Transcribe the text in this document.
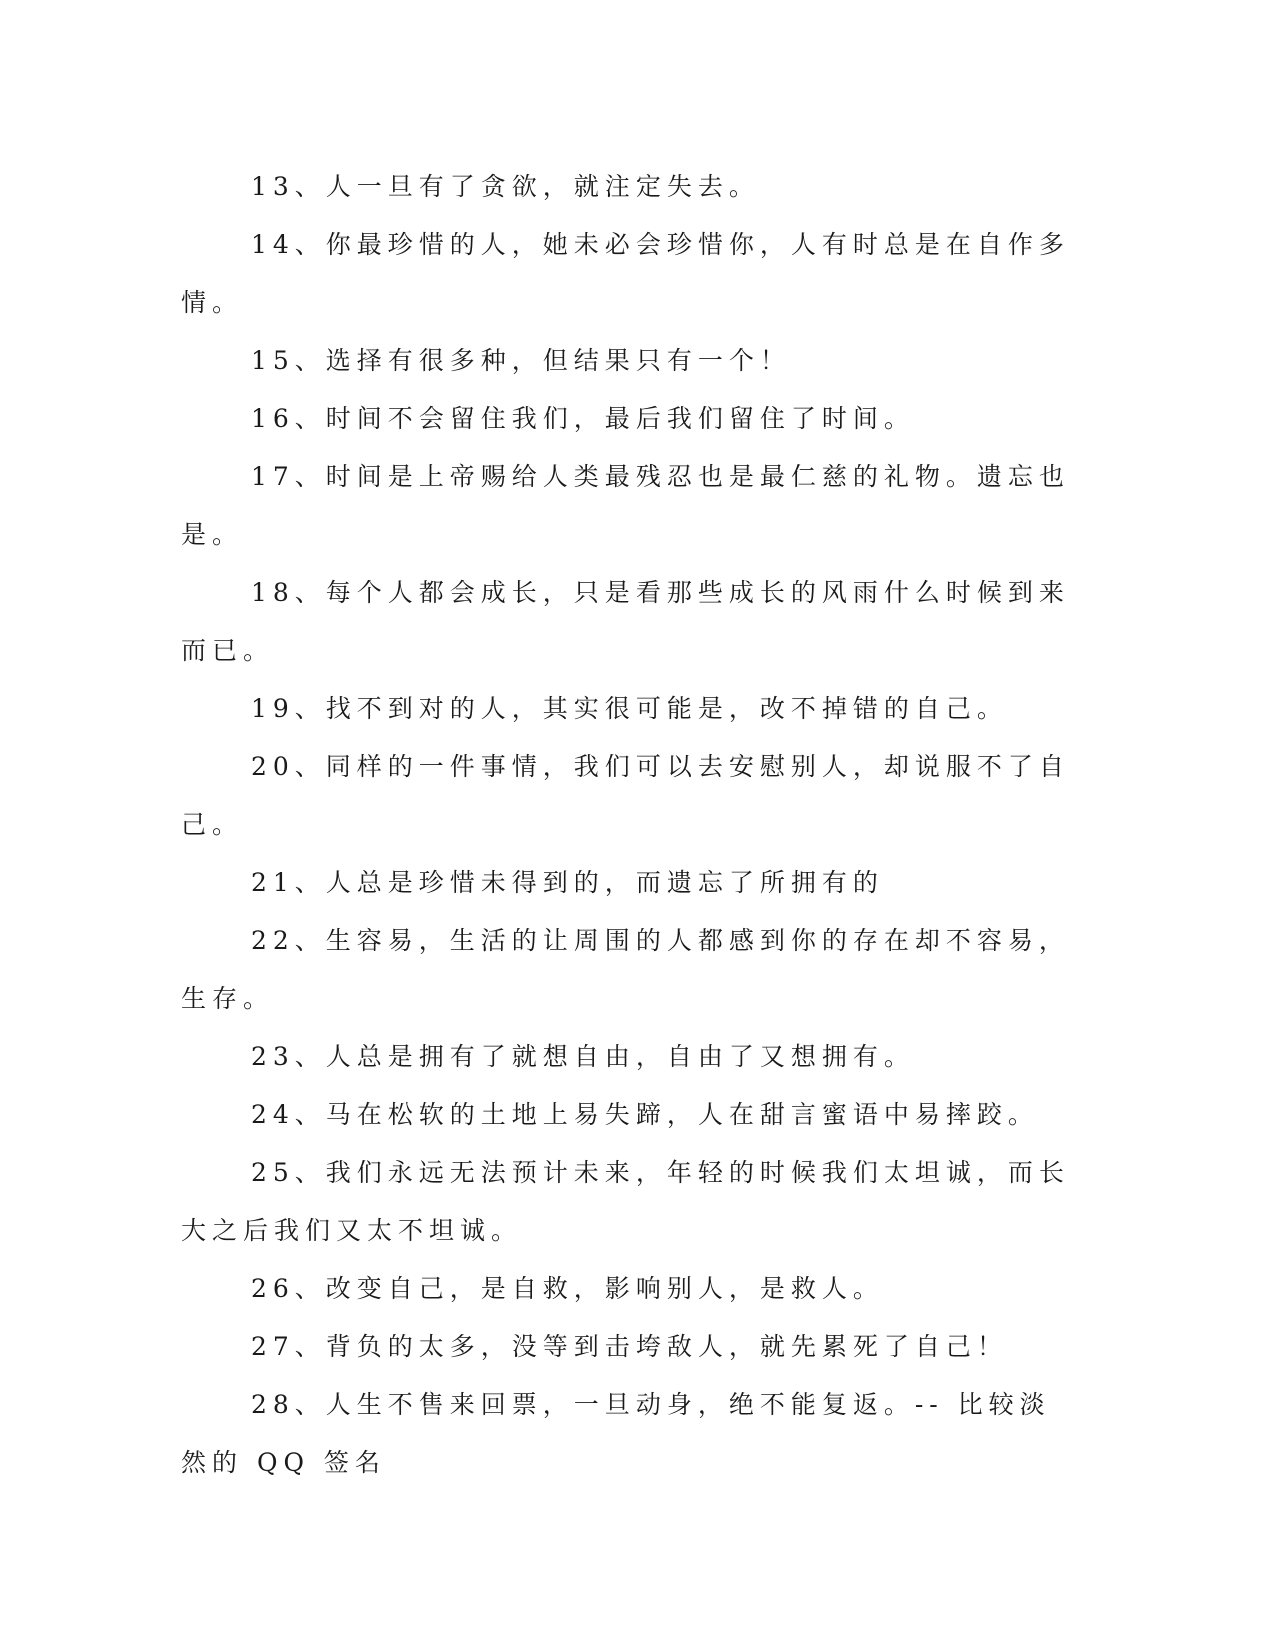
13、人一旦有了贪欲，就注定失去。

14、你最珍惜的人，她未必会珍惜你，人有时总是在自作多情。

15、选择有很多种，但结果只有一个！

16、时间不会留住我们，最后我们留住了时间。

17、时间是上帝赐给人类最残忍也是最仁慈的礼物。遗忘也是。

18、每个人都会成长，只是看那些成长的风雨什么时候到来而已。

19、找不到对的人，其实很可能是，改不掉错的自己。

20、同样的一件事情，我们可以去安慰别人，却说服不了自己。

21、人总是珍惜未得到的，而遗忘了所拥有的

22、生容易，生活的让周围的人都感到你的存在却不容易，生存。

23、人总是拥有了就想自由，自由了又想拥有。

24、马在松软的土地上易失蹄，人在甜言蜜语中易摔跤。

25、我们永远无法预计未来，年轻的时候我们太坦诚，而长大之后我们又太不坦诚。

26、改变自己，是自救，影响别人，是救人。

27、背负的太多，没等到击垮敌人，就先累死了自己！

28、人生不售来回票，一旦动身，绝不能复返。-- 比较淡然的 QQ 签名
